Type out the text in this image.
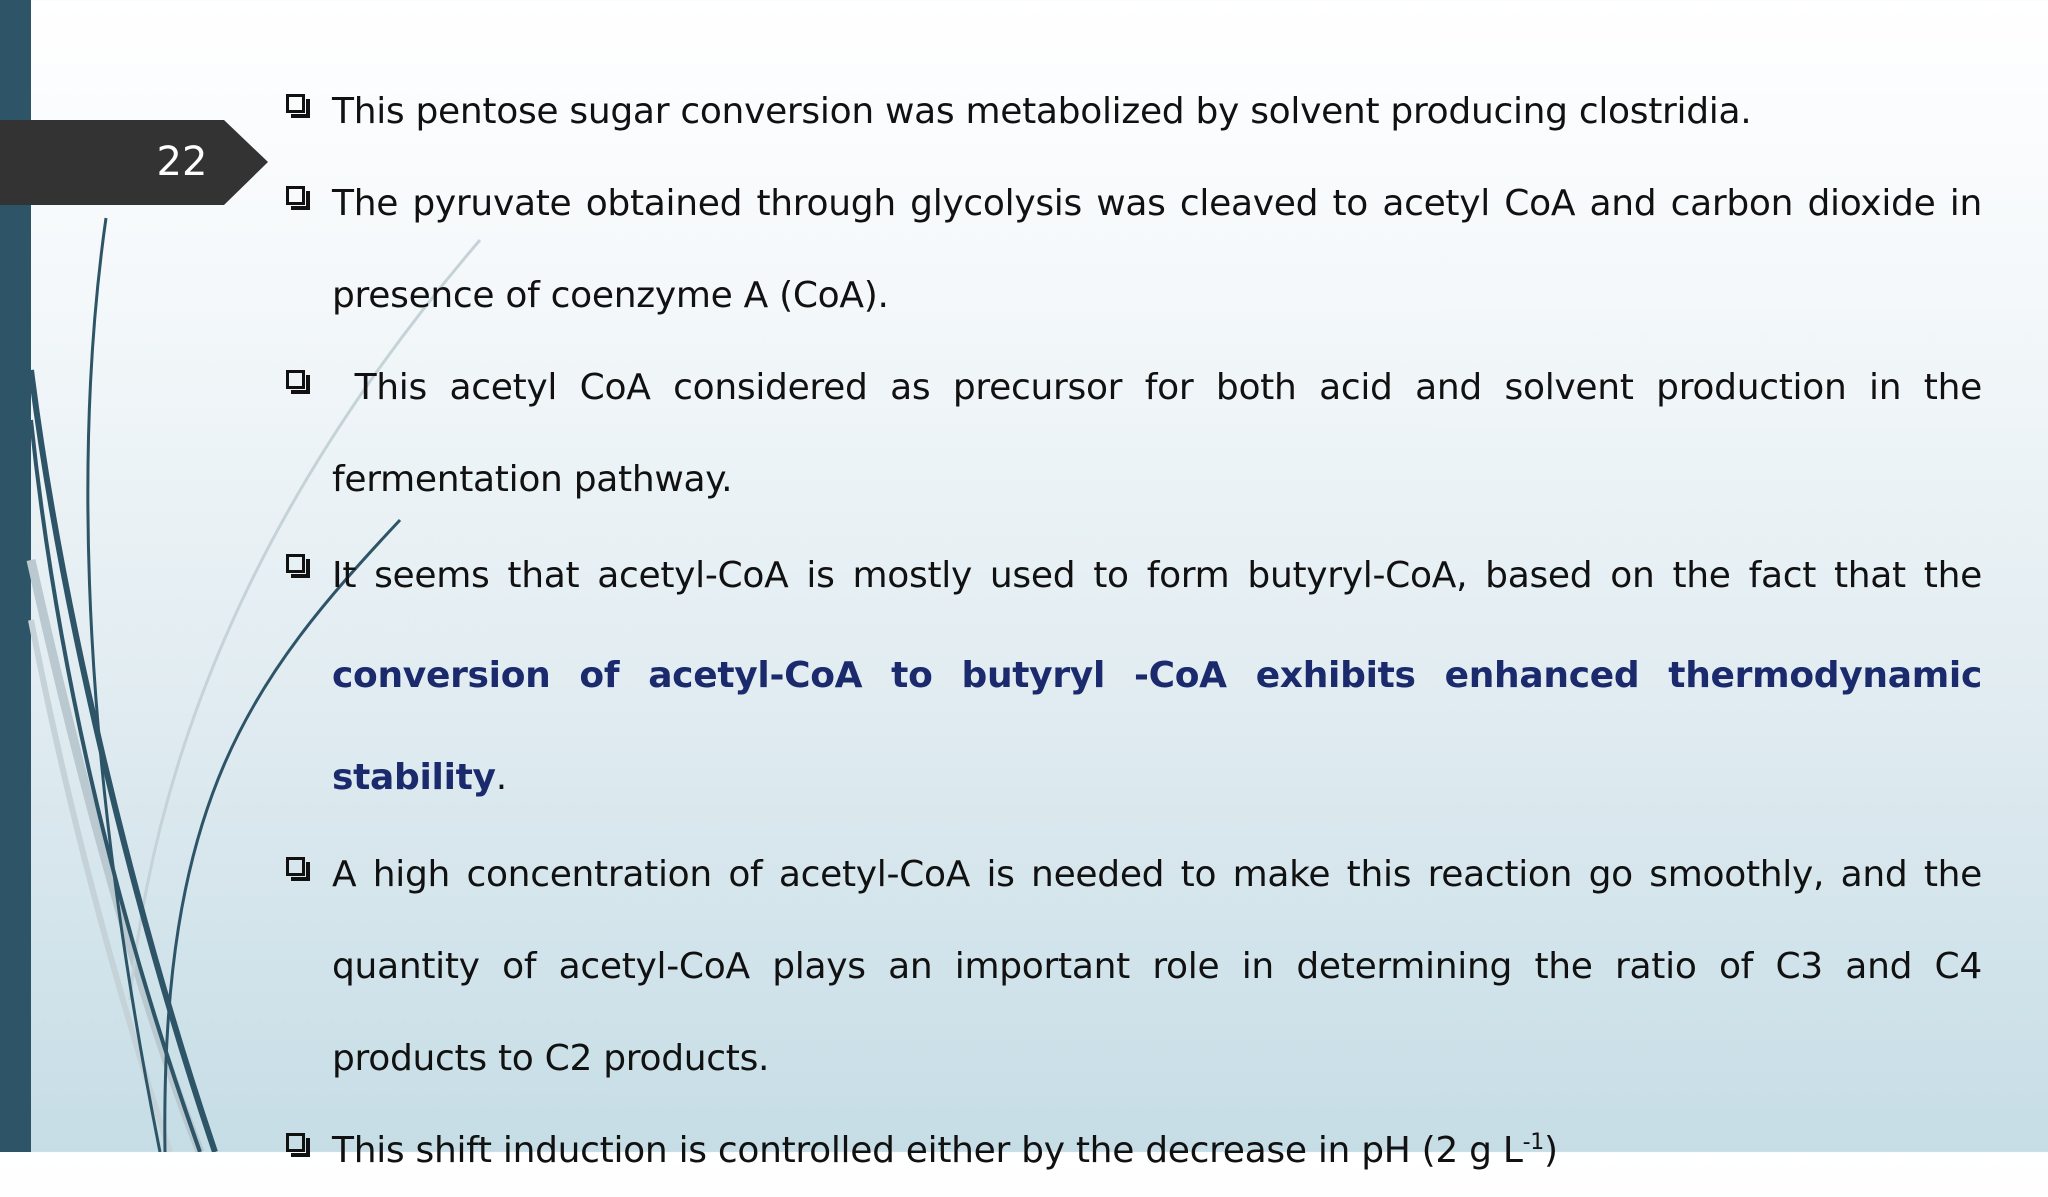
22
This pentose sugar conversion was metabolized by solvent producing clostridia.
The pyruvate obtained through glycolysis was cleaved to acetyl CoA and carbon dioxide in presence of coenzyme A (CoA).
This acetyl CoA considered as precursor for both acid and solvent production in the fermentation pathway.
It seems that acetyl-CoA is mostly used to form butyryl-CoA, based on the fact that the conversion of acetyl-CoA to butyryl -CoA exhibits enhanced thermodynamic stability.
A high concentration of acetyl-CoA is needed to make this reaction go smoothly, and the quantity of acetyl-CoA plays an important role in determining the ratio of C3 and C4 products to C2 products.
This shift induction is controlled either by the decrease in pH (2 g $L^{-1}$)
